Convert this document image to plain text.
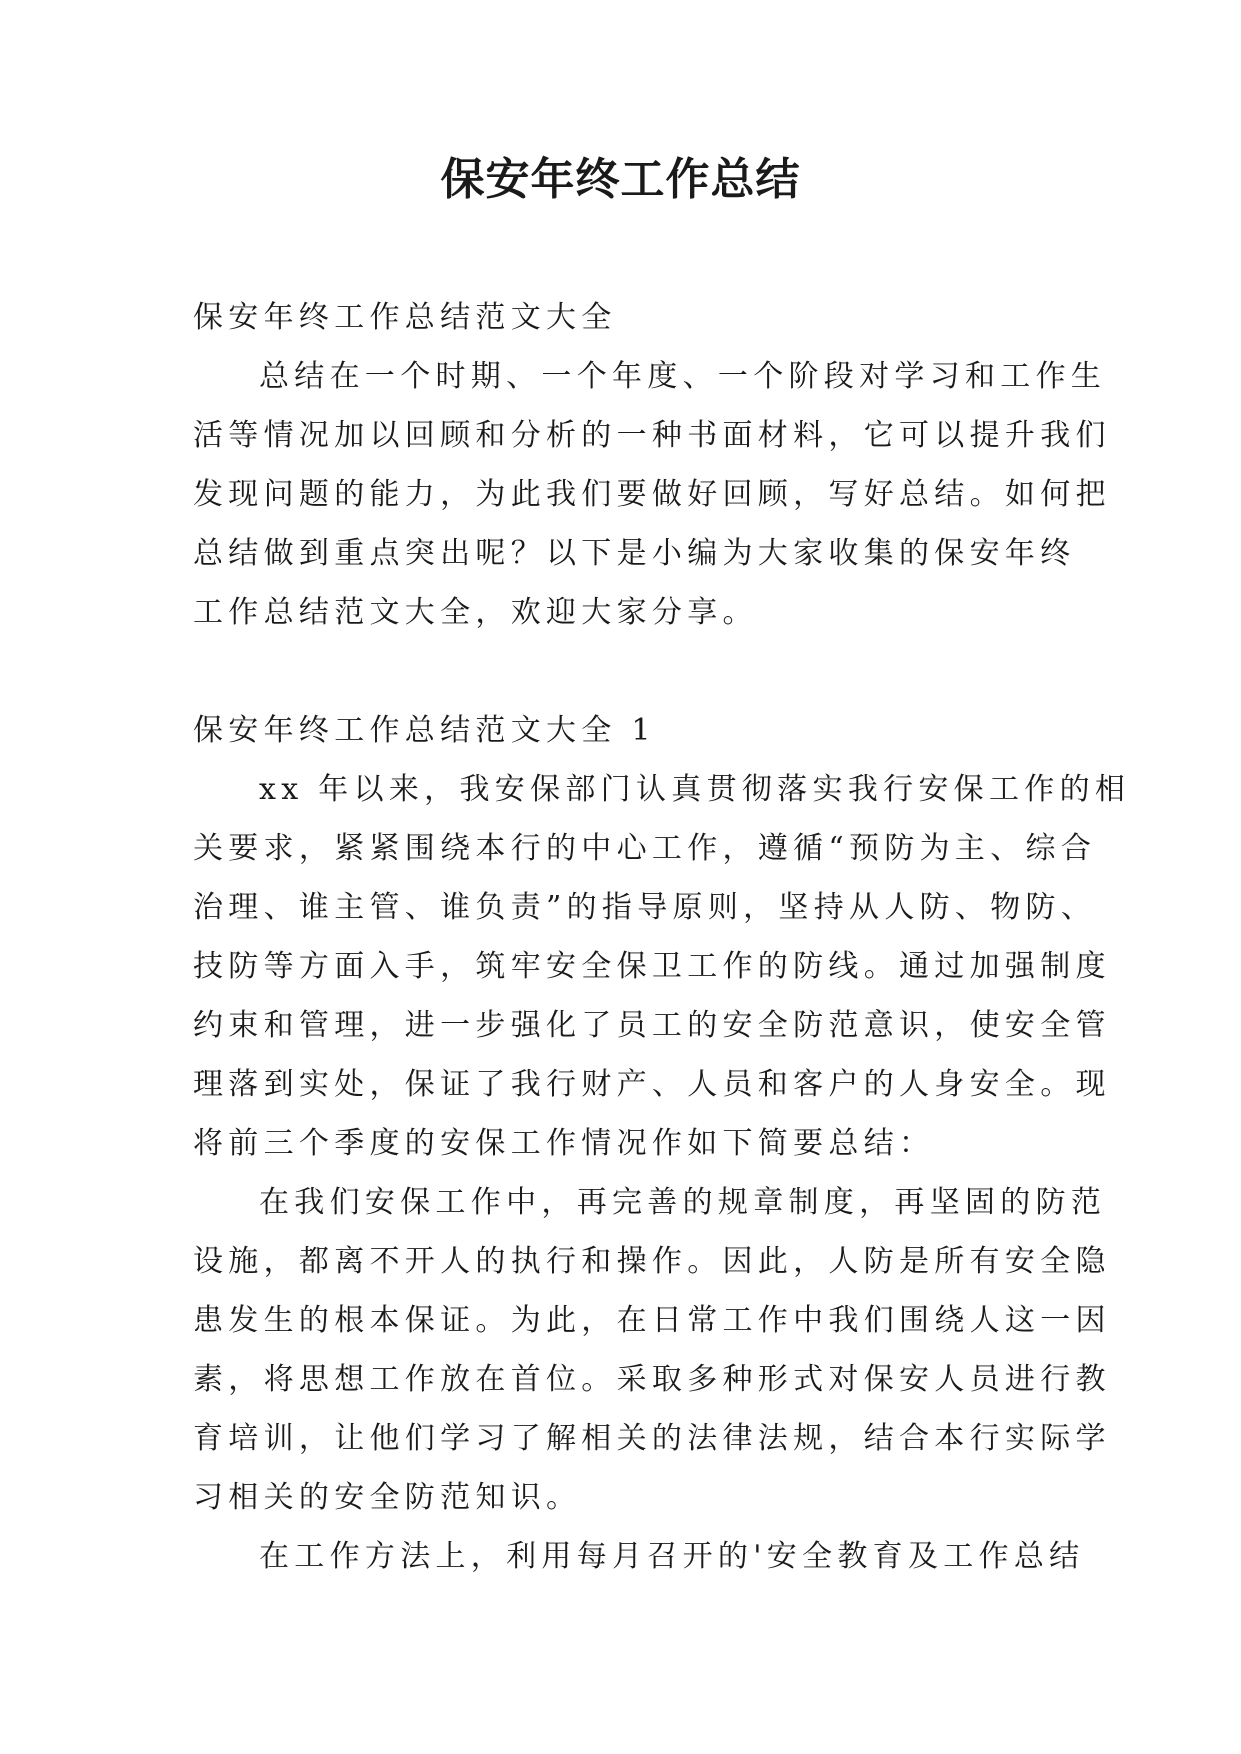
保安年终工作总结
保安年终工作总结范文大全
总结在一个时期、一个年度、一个阶段对学习和工作生
活等情况加以回顾和分析的一种书面材料，它可以提升我们
发现问题的能力，为此我们要做好回顾，写好总结。如何把
总结做到重点突出呢？以下是小编为大家收集的保安年终
工作总结范文大全，欢迎大家分享。
保安年终工作总结范文大全 1
xx 年以来，我安保部门认真贯彻落实我行安保工作的相
关要求，紧紧围绕本行的中心工作，遵循“预防为主、综合
治理、谁主管、谁负责”的指导原则，坚持从人防、物防、
技防等方面入手，筑牢安全保卫工作的防线。通过加强制度
约束和管理，进一步强化了员工的安全防范意识，使安全管
理落到实处，保证了我行财产、人员和客户的人身安全。现
将前三个季度的安保工作情况作如下简要总结：
在我们安保工作中，再完善的规章制度，再坚固的防范
设施，都离不开人的执行和操作。因此，人防是所有安全隐
患发生的根本保证。为此，在日常工作中我们围绕人这一因
素，将思想工作放在首位。采取多种形式对保安人员进行教
育培训，让他们学习了解相关的法律法规，结合本行实际学
习相关的安全防范知识。
在工作方法上，利用每月召开的'安全教育及工作总结
